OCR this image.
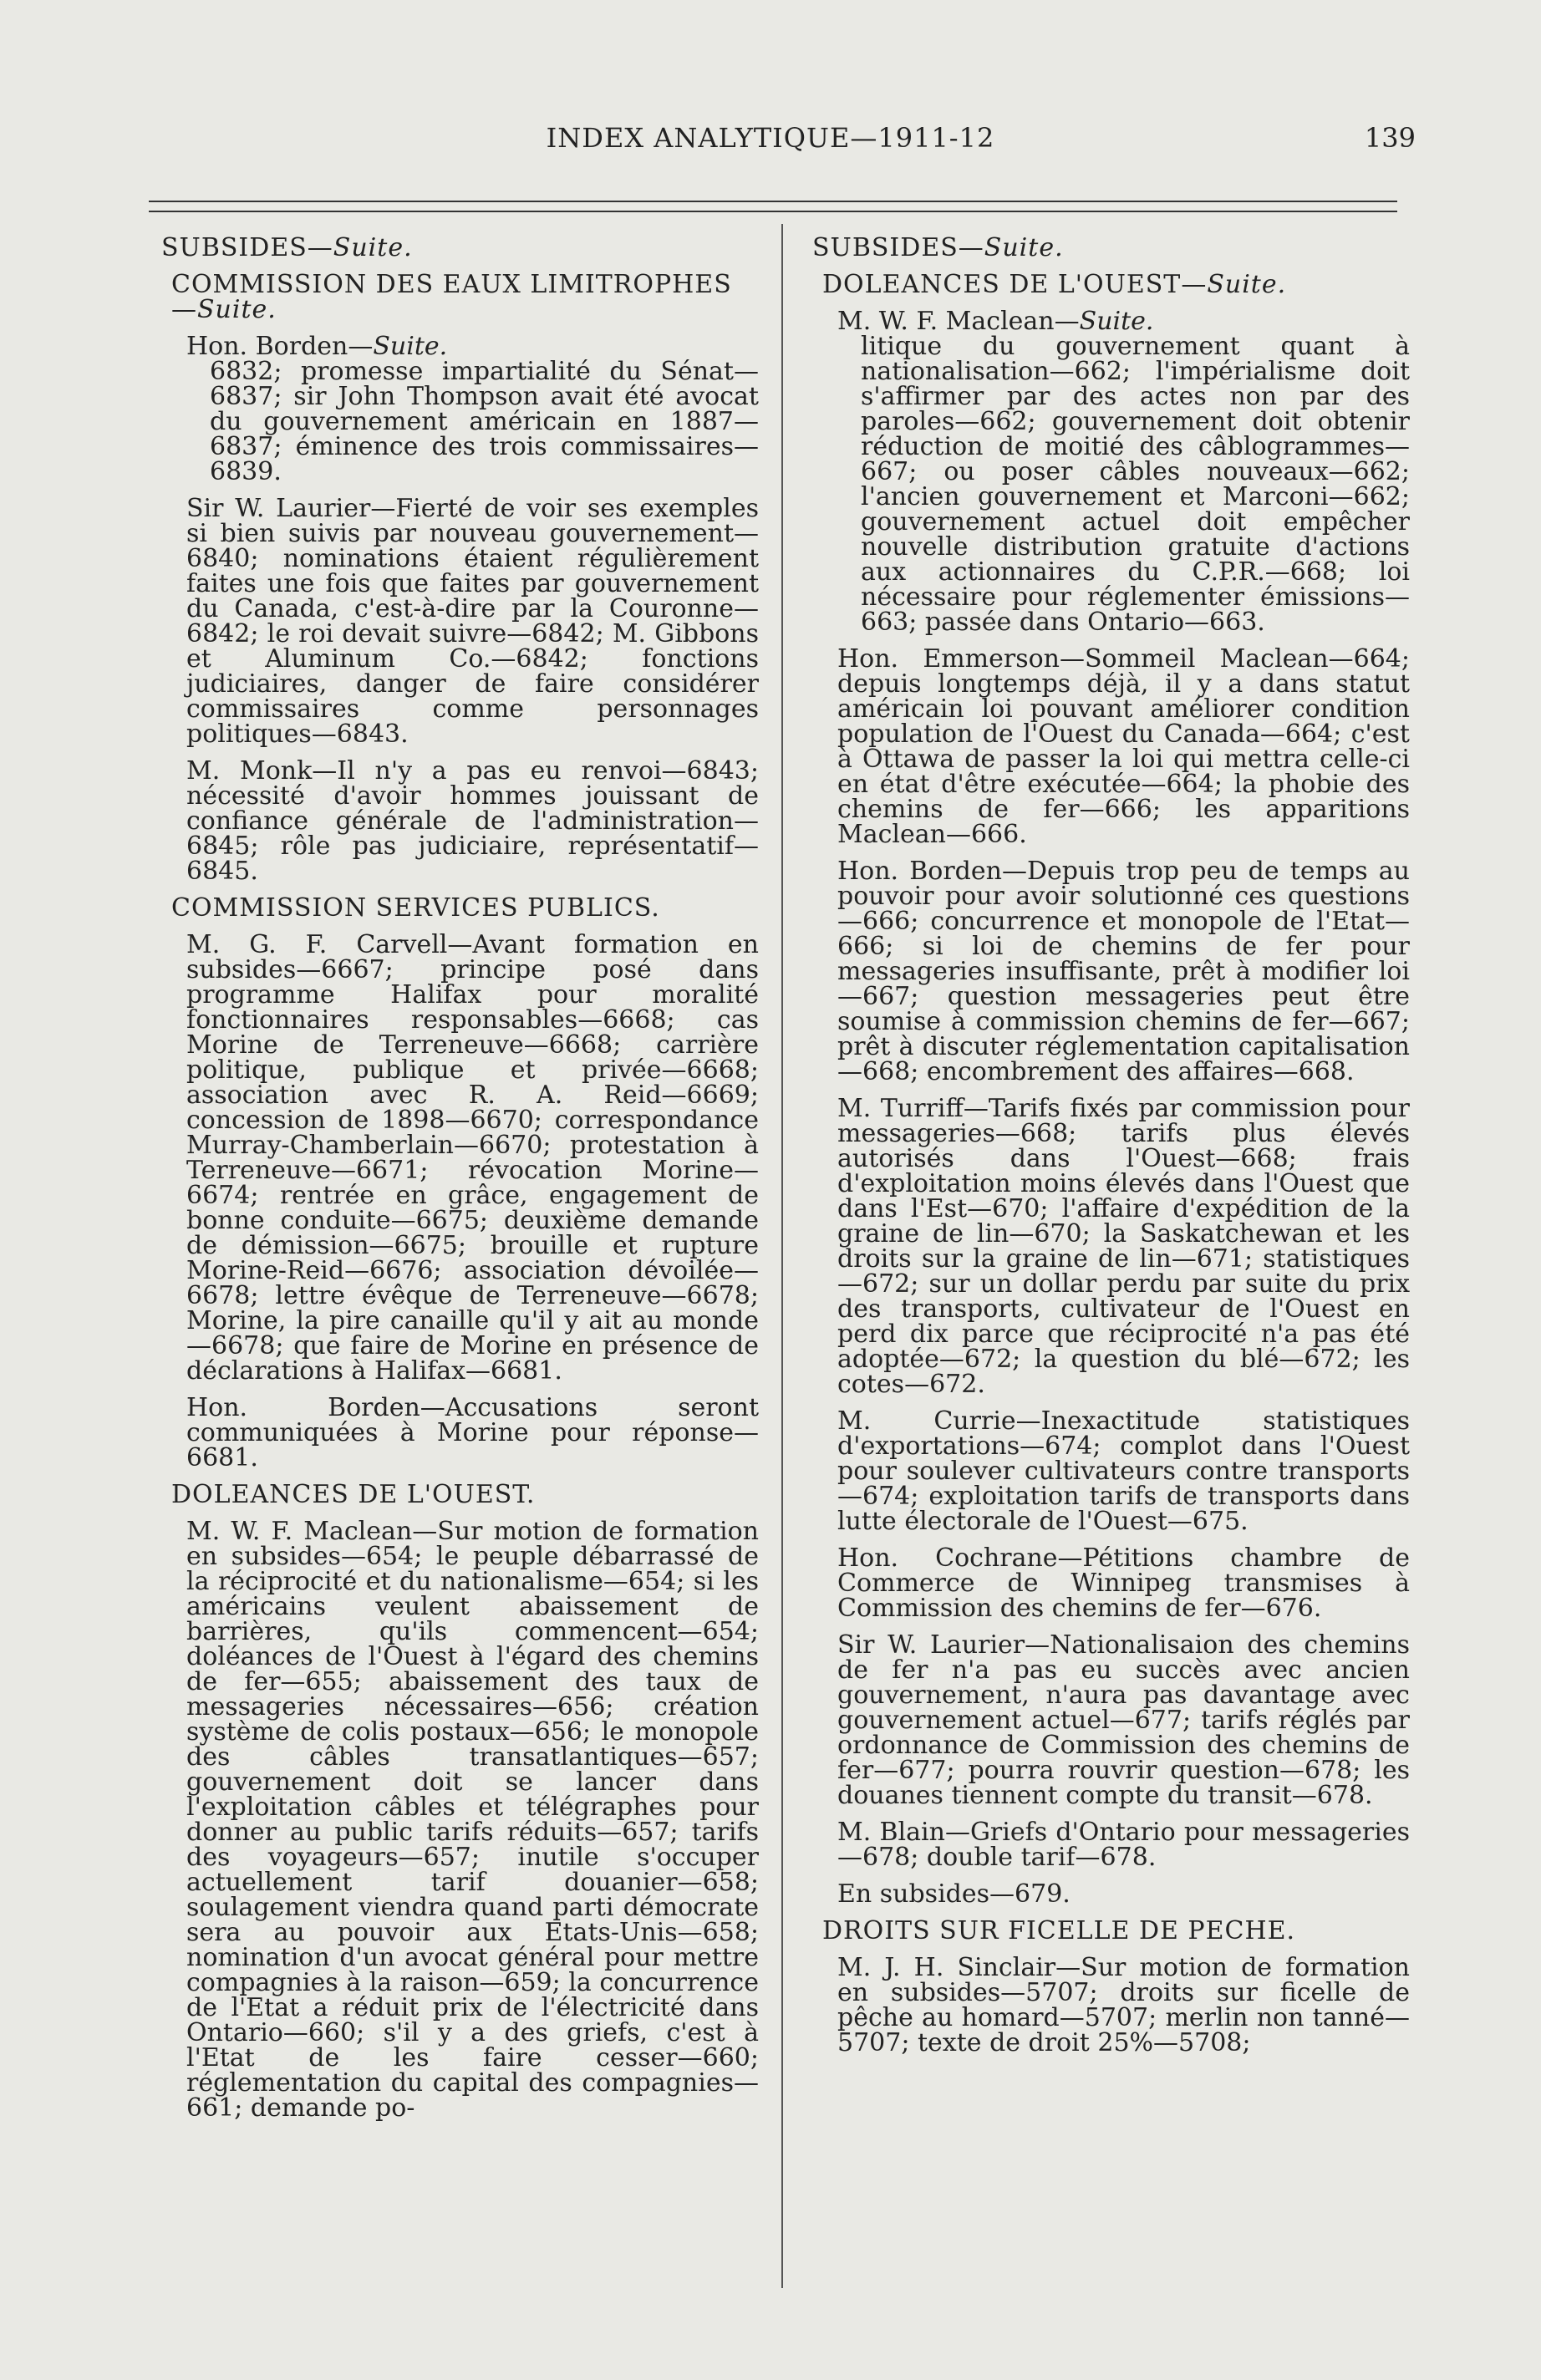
INDEX ANALYTIQUE—1911-12	139

SUBSIDES—Suite.

COMMISSION DES EAUX LIMITROPHES —Suite.

Hon. Borden—Suite.
6832; promesse impartialité du Sénat—6837; sir John Thompson avait été avocat du gouvernement américain en 1887—6837; éminence des trois commissaires—6839.

Sir W. Laurier—Fierté de voir ses exemples si bien suivis par nouveau gouvernement—6840; nominations étaient régulièrement faites une fois que faites par gouvernement du Canada, c'est-à-dire par la Couronne—6842; le roi devait suivre—6842; M. Gibbons et Aluminum Co.—6842; fonctions judiciaires, danger de faire considérer commissaires comme personnages politiques—6843.

M. Monk—Il n'y a pas eu renvoi—6843; nécessité d'avoir hommes jouissant de confiance générale de l'administration—6845; rôle pas judiciaire, représentatif—6845.

COMMISSION SERVICES PUBLICS.

M. G. F. Carvell—Avant formation en subsides—6667; principe posé dans programme Halifax pour moralité fonctionnaires responsables—6668; cas Morine de Terreneuve—6668; carrière politique, publique et privée—6668; association avec R. A. Reid—6669; concession de 1898—6670; correspondance Murray-Chamberlain—6670; protestation à Terreneuve—6671; révocation Morine—6674; rentrée en grâce, engagement de bonne conduite—6675; deuxième demande de démission—6675; brouille et rupture Morine-Reid—6676; association dévoilée—6678; lettre évêque de Terreneuve—6678; Morine, la pire canaille qu'il y ait au monde—6678; que faire de Morine en présence de déclarations à Halifax—6681.

Hon. Borden—Accusations seront communiquées à Morine pour réponse—6681.

DOLEANCES DE L'OUEST.

M. W. F. Maclean—Sur motion de formation en subsides—654; le peuple débarrassé de la réciprocité et du nationalisme—654; si les américains veulent abaissement de barrières, qu'ils commencent—654; doléances de l'Ouest à l'égard des chemins de fer—655; abaissement des taux de messageries nécessaires—656; création système de colis postaux—656; le monopole des câbles transatlantiques—657; gouvernement doit se lancer dans l'exploitation câbles et télégraphes pour donner au public tarifs réduits—657; tarifs des voyageurs—657; inutile s'occuper actuellement tarif douanier—658; soulagement viendra quand parti démocrate sera au pouvoir aux Etats-Unis—658; nomination d'un avocat général pour mettre compagnies à la raison—659; la concurrence de l'Etat a réduit prix de l'électricité dans Ontario—660; s'il y a des griefs, c'est à l'Etat de les faire cesser—660; réglementation du capital des compagnies—661; demande po-

SUBSIDES—Suite.

DOLEANCES DE L'OUEST—Suite.

M. W. F. Maclean—Suite.
litique du gouvernement quant à nationalisation—662; l'impérialisme doit s'affirmer par des actes non par des paroles—662; gouvernement doit obtenir réduction de moitié des câblogrammes—667; ou poser câbles nouveaux—662; l'ancien gouvernement et Marconi—662; gouvernement actuel doit empêcher nouvelle distribution gratuite d'actions aux actionnaires du C.P.R.—668; loi nécessaire pour réglementer émissions—663; passée dans Ontario—663.

Hon. Emmerson—Sommeil Maclean—664; depuis longtemps déjà, il y a dans statut américain loi pouvant améliorer condition population de l'Ouest du Canada—664; c'est à Ottawa de passer la loi qui mettra celle-ci en état d'être exécutée—664; la phobie des chemins de fer—666; les apparitions Maclean—666.

Hon. Borden—Depuis trop peu de temps au pouvoir pour avoir solutionné ces questions—666; concurrence et monopole de l'Etat—666; si loi de chemins de fer pour messageries insuffisante, prêt à modifier loi—667; question messageries peut être soumise à commission chemins de fer—667; prêt à discuter réglementation capitalisation—668; encombrement des affaires—668.

M. Turriff—Tarifs fixés par commission pour messageries—668; tarifs plus élevés autorisés dans l'Ouest—668; frais d'exploitation moins élevés dans l'Ouest que dans l'Est—670; l'affaire d'expédition de la graine de lin—670; la Saskatchewan et les droits sur la graine de lin—671; statistiques—672; sur un dollar perdu par suite du prix des transports, cultivateur de l'Ouest en perd dix parce que réciprocité n'a pas été adoptée—672; la question du blé—672; les cotes—672.

M. Currie—Inexactitude statistiques d'exportations—674; complot dans l'Ouest pour soulever cultivateurs contre transports—674; exploitation tarifs de transports dans lutte électorale de l'Ouest—675.

Hon. Cochrane—Pétitions chambre de Commerce de Winnipeg transmises à Commission des chemins de fer—676.

Sir W. Laurier—Nationalisaion des chemins de fer n'a pas eu succès avec ancien gouvernement, n'aura pas davantage avec gouvernement actuel—677; tarifs réglés par ordonnance de Commission des chemins de fer—677; pourra rouvrir question—678; les douanes tiennent compte du transit—678.

M. Blain—Griefs d'Ontario pour messageries—678; double tarif—678.

En subsides—679.

DROITS SUR FICELLE DE PECHE.

M. J. H. Sinclair—Sur motion de formation en subsides—5707; droits sur ficelle de pêche au homard—5707; merlin non tanné—5707; texte de droit 25%—5708;
